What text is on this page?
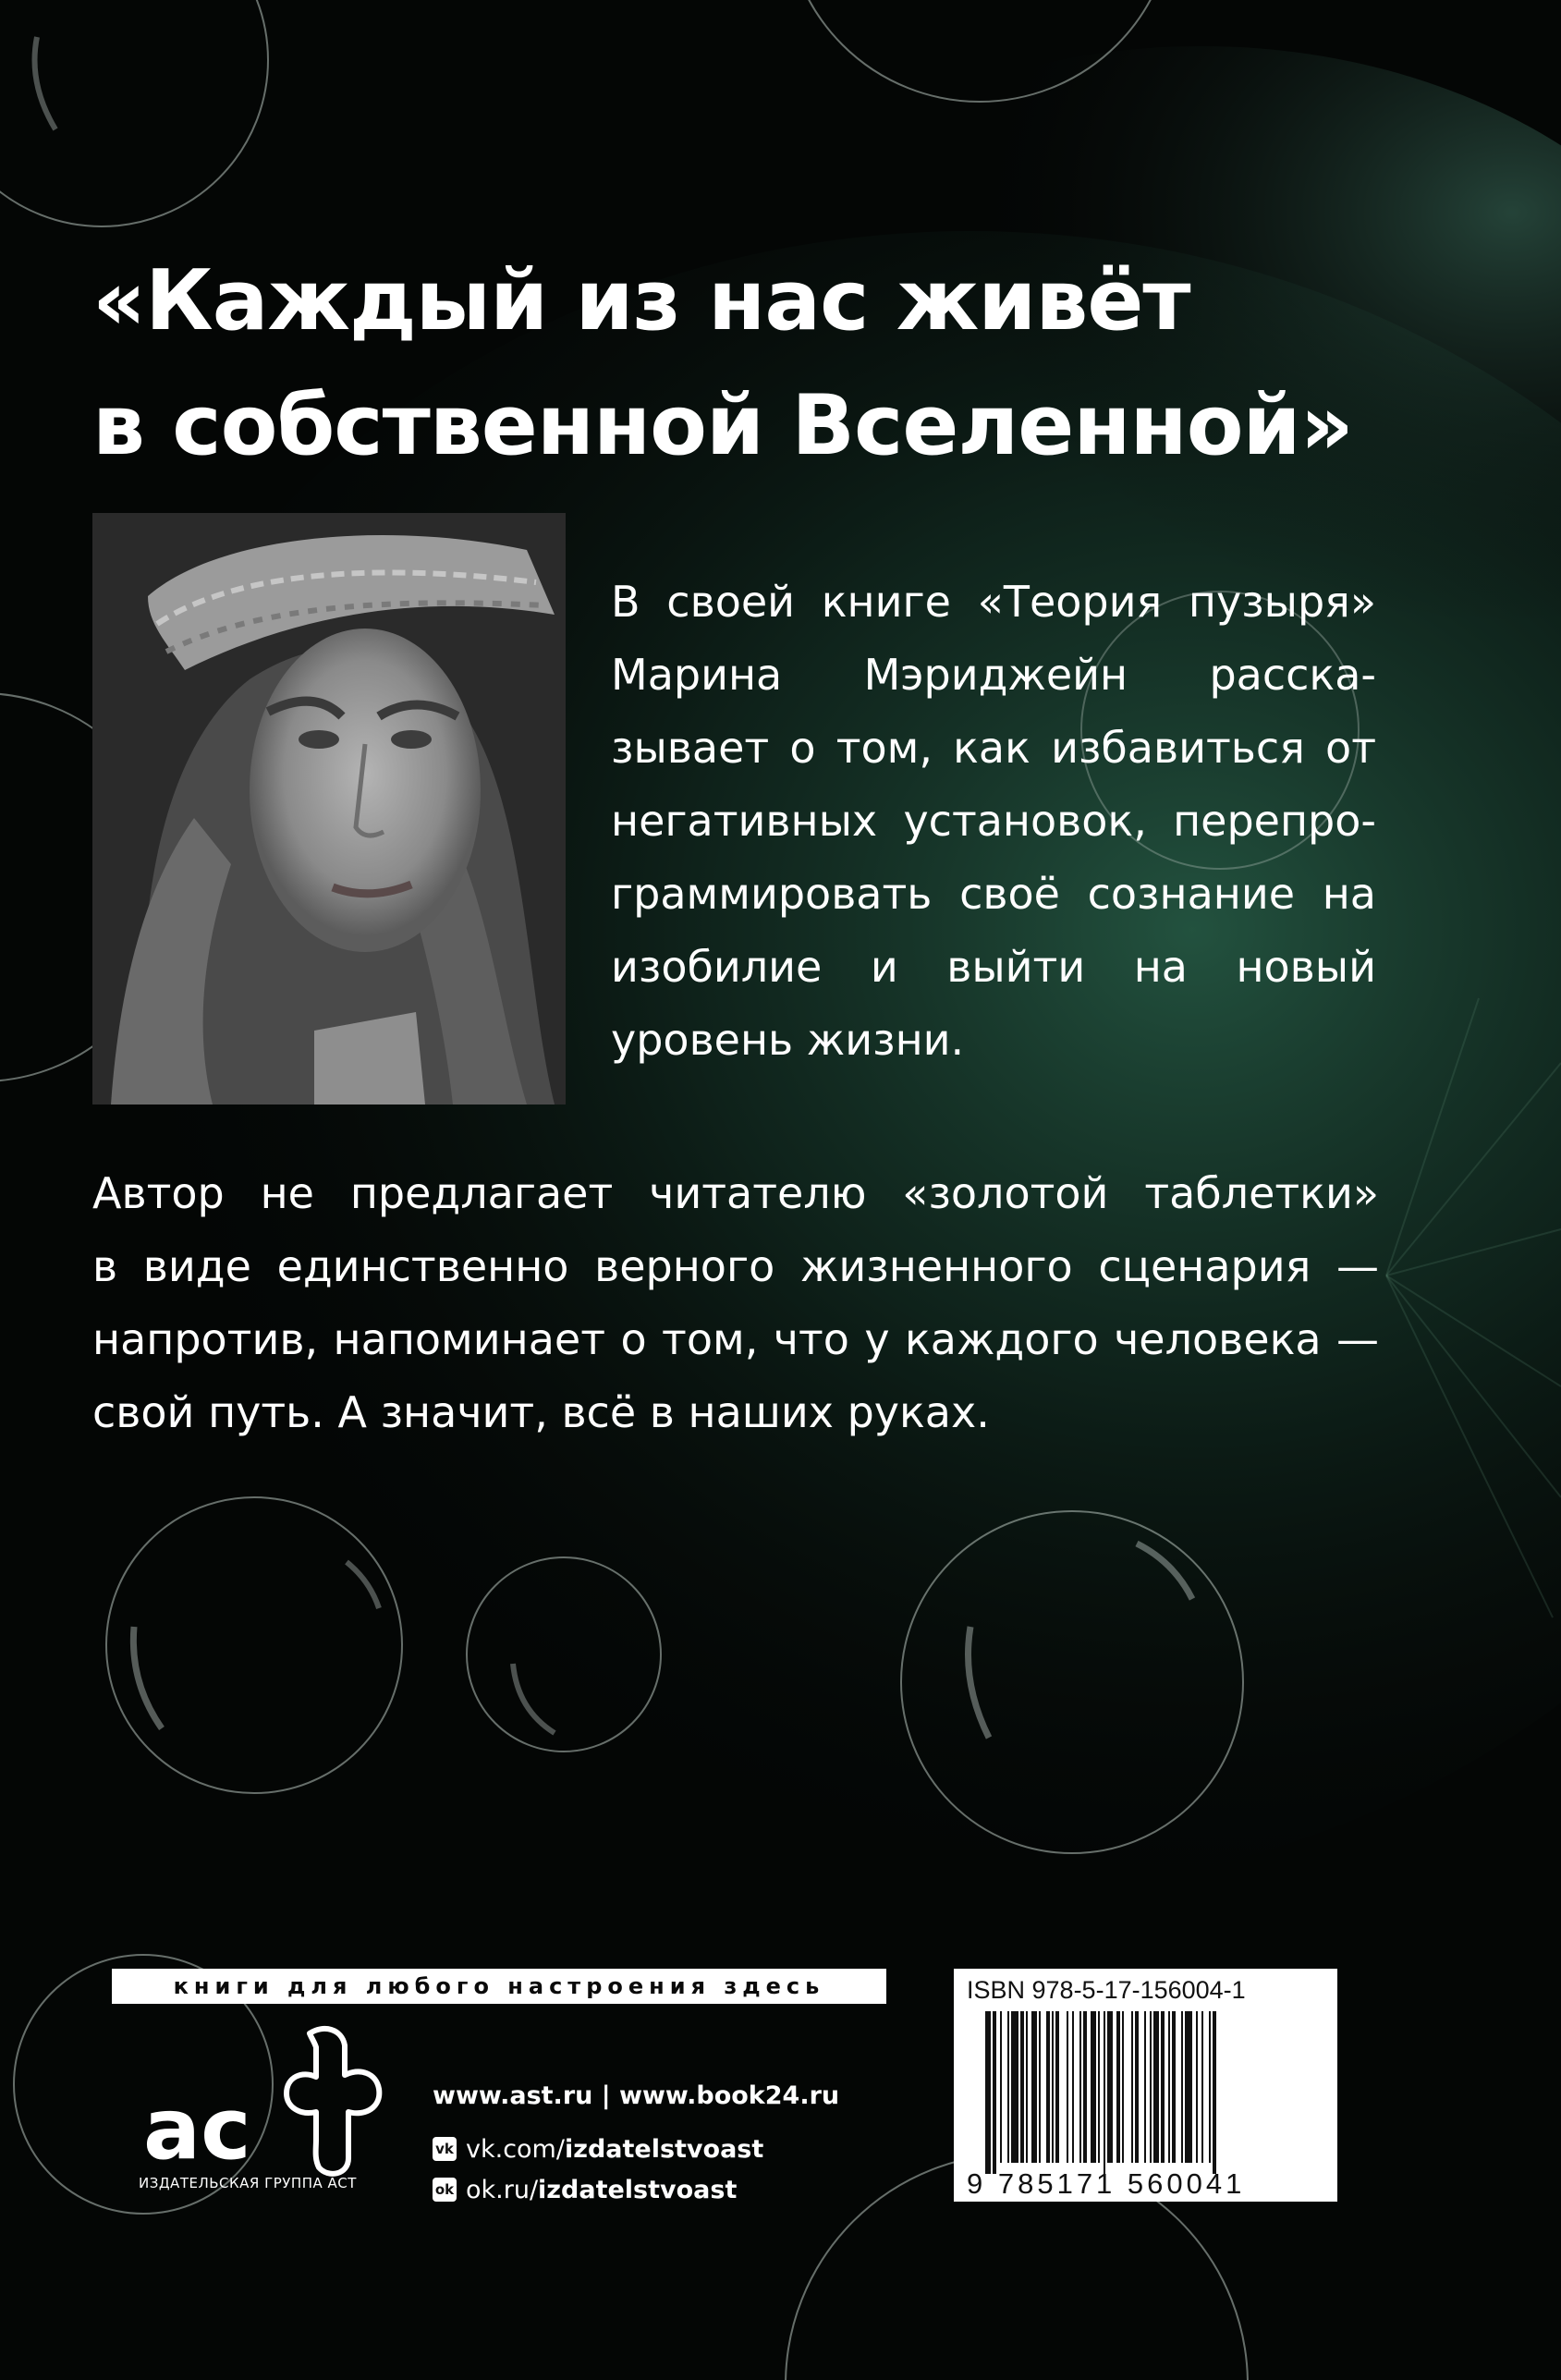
«Каждый из нас живёт
в собственной Вселенной»
В своей книге «Теория пузыря»
Марина Мэриджейн расска-
зывает о том, как избавиться от
негативных установок, перепро-
граммировать своё сознание на
изобилие и выйти на новый
уровень жизни.
Автор не предлагает читателю «золотой таблетки»
в виде единственно верного жизненного сценария —
напротив, напоминает о том, что у каждого человека —
свой путь. А значит, всё в наших руках.
книги для любого настроения здесь
ас
ИЗДАТЕЛЬСКАЯ ГРУППА АСТ
www.ast.ru | www.book24.ru
vk vk.com/ izdatelstvoast
ok ok.ru/ izdatelstvoast
ISBN 978-5-17-156004-1
9 785171 560041
